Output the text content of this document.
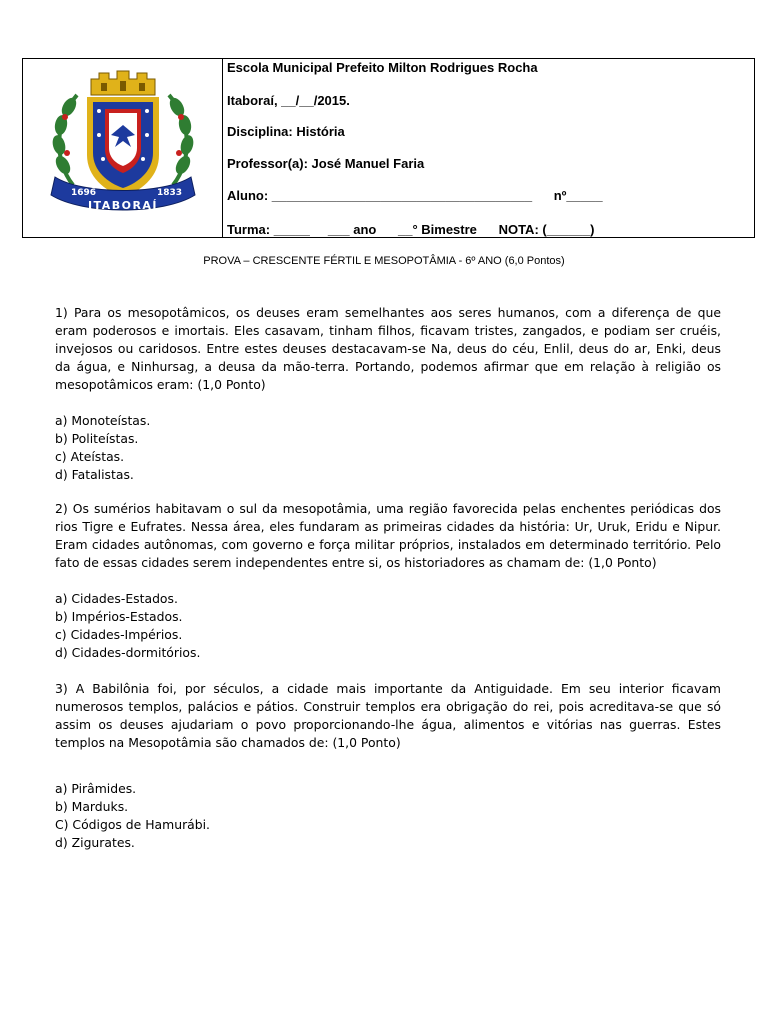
1696	1833
ITABORAÍ
Escola Municipal Prefeito Milton Rodrigues Rocha
Itaboraí, __/__/2015.
Disciplina: História
Professor(a): José Manuel Faria
Aluno: ____________________________________      nº_____
Turma: _____     ___ ano      __° Bimestre      NOTA: (______)
PROVA – CRESCENTE FÉRTIL E MESOPOTÂMIA - 6º ANO (6,0 Pontos)

1) Para os mesopotâmicos, os deuses eram semelhantes aos seres humanos, com a diferença de que eram poderosos e imortais. Eles casavam, tinham filhos, ficavam tristes, zangados, e podiam ser cruéis, invejosos ou caridosos. Entre estes deuses destacavam-se Na, deus do céu, Enlil, deus do ar, Enki, deus da água, e Ninhursag, a deusa da mão-terra. Portando, podemos afirmar que em relação à religião os mesopotâmicos eram: (1,0 Ponto)

a) Monoteístas.

b) Politeístas.

c) Ateístas.

d) Fatalistas.

2) Os sumérios habitavam o sul da mesopotâmia, uma região favorecida pelas enchentes periódicas dos rios Tigre e Eufrates. Nessa área, eles fundaram as primeiras cidades da história: Ur, Uruk, Eridu e Nipur. Eram cidades autônomas, com governo e força militar próprios, instalados em determinado território. Pelo fato de essas cidades serem independentes entre si, os historiadores as chamam de: (1,0 Ponto)

a) Cidades-Estados.

b) Impérios-Estados.

c) Cidades-Impérios.

d) Cidades-dormitórios.

3) A Babilônia foi, por séculos, a cidade mais importante da Antiguidade. Em seu interior ficavam numerosos templos, palácios e pátios. Construir templos era obrigação do rei, pois acreditava-se que só assim os deuses ajudariam o povo proporcionando-lhe água, alimentos e vitórias nas guerras. Estes templos na Mesopotâmia são chamados de: (1,0 Ponto)

a) Pirâmides.

b) Marduks.

C) Códigos de Hamurábi.

d) Zigurates.
